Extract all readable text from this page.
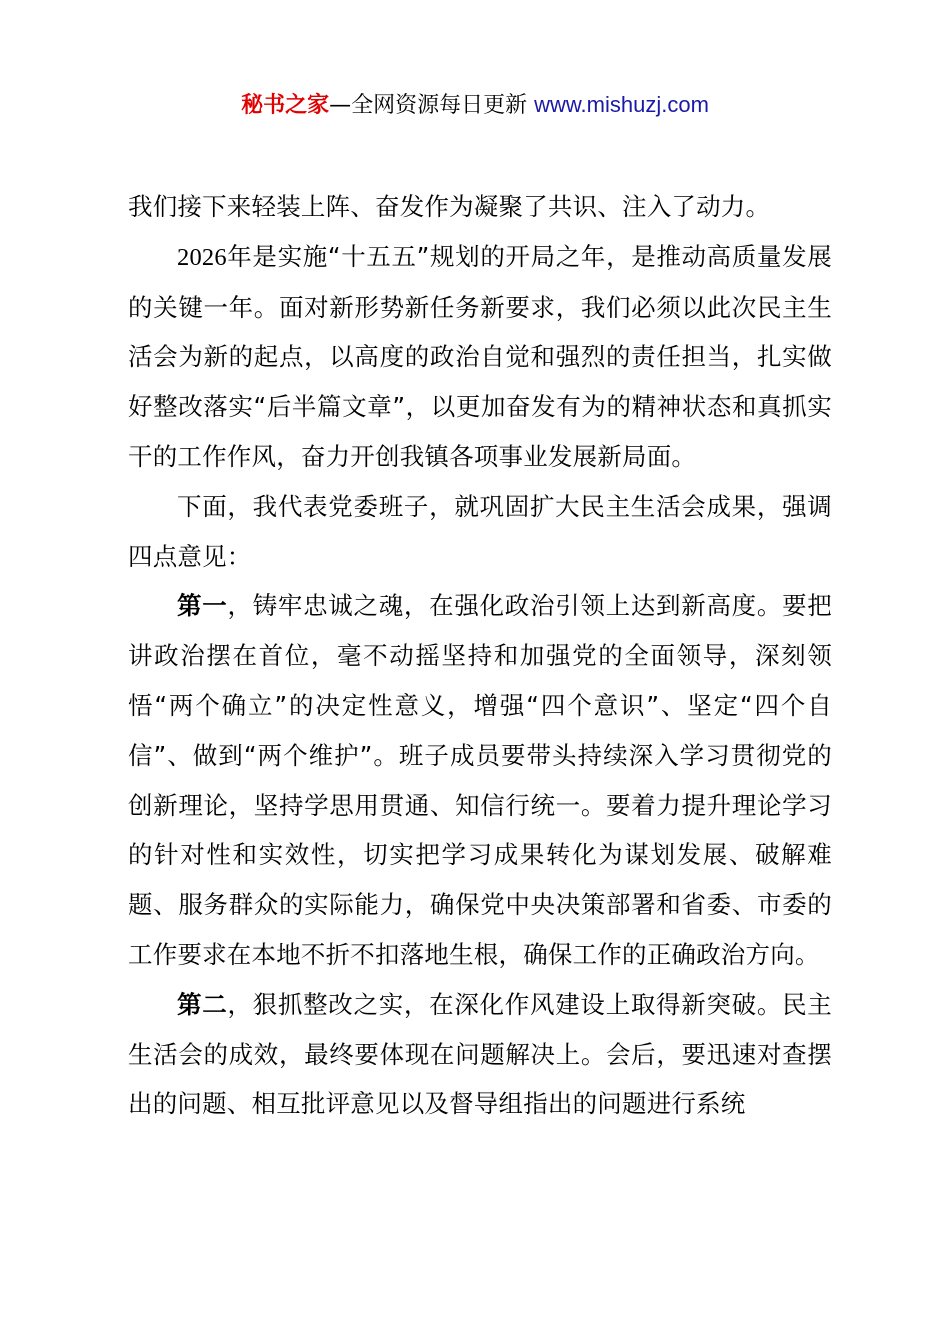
秘书之家—全网资源每日更新 www.mishuzj.com

我们接下来轻装上阵、奋发作为凝聚了共识、注入了动力。

2026年是实施“十五五”规划的开局之年，是推动高质量发展的关键一年。面对新形势新任务新要求，我们必须以此次民主生活会为新的起点，以高度的政治自觉和强烈的责任担当，扎实做好整改落实“后半篇文章”，以更加奋发有为的精神状态和真抓实干的工作作风，奋力开创我镇各项事业发展新局面。

下面，我代表党委班子，就巩固扩大民主生活会成果，强调四点意见：

第一，铸牢忠诚之魂，在强化政治引领上达到新高度。要把讲政治摆在首位，毫不动摇坚持和加强党的全面领导，深刻领悟“两个确立”的决定性意义，增强“四个意识”、坚定“四个自信”、做到“两个维护”。班子成员要带头持续深入学习贯彻党的创新理论，坚持学思用贯通、知信行统一。要着力提升理论学习的针对性和实效性，切实把学习成果转化为谋划发展、破解难题、服务群众的实际能力，确保党中央决策部署和省委、市委的工作要求在本地不折不扣落地生根，确保工作的正确政治方向。

第二，狠抓整改之实，在深化作风建设上取得新突破。民主生活会的成效，最终要体现在问题解决上。会后，要迅速对查摆出的问题、相互批评意见以及督导组指出的问题进行系统
